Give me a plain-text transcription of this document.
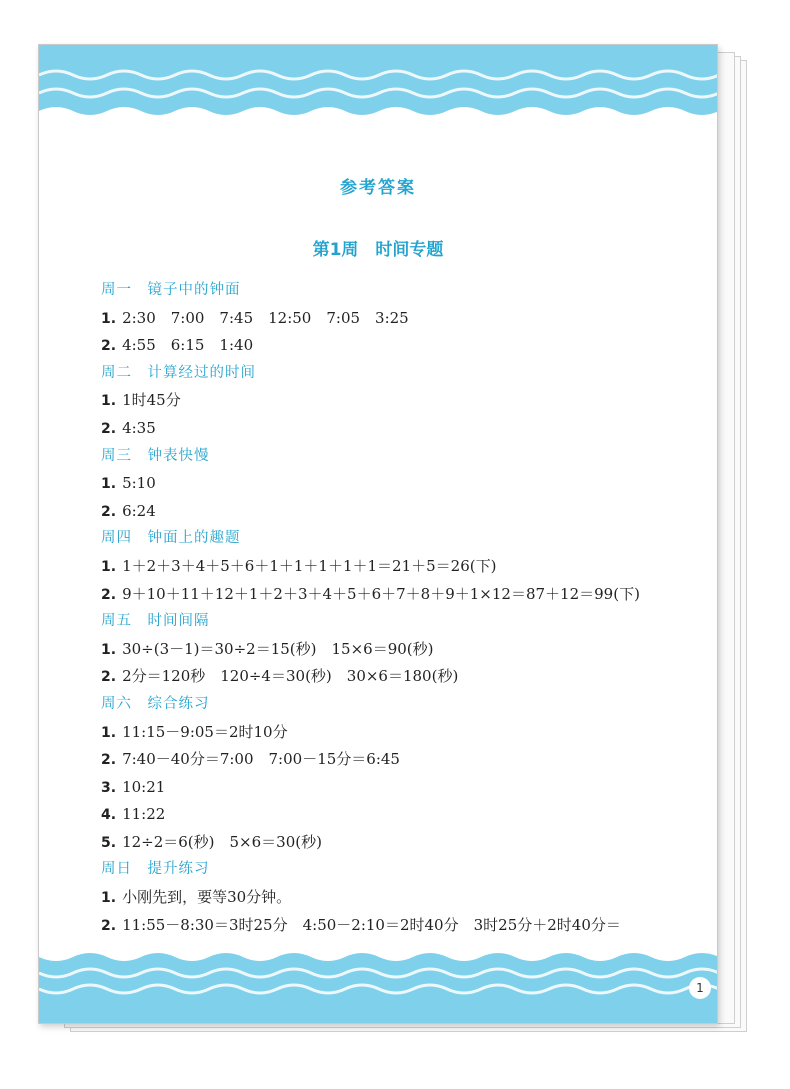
参考答案
第1周　时间专题
周一　镜子中的钟面
1. 2:30　7:00　7:45　12:50　7:05　3:25
2. 4:55　6:15　1:40
周二　计算经过的时间
1. 1时45分
2. 4:35
周三　钟表快慢
1. 5:10
2. 6:24
周四　钟面上的趣题
1. 1＋2＋3＋4＋5＋6＋1＋1＋1＋1＋1＝21＋5＝26(下)
2. 9＋10＋11＋12＋1＋2＋3＋4＋5＋6＋7＋8＋9＋1×12＝87＋12＝99(下)
周五　时间间隔
1. 30÷(3－1)＝30÷2＝15(秒)　15×6＝90(秒)
2. 2分＝120秒　120÷4＝30(秒)　30×6＝180(秒)
周六　综合练习
1. 11:15－9:05＝2时10分
2. 7:40－40分＝7:00　7:00－15分＝6:45
3. 10:21
4. 11:22
5. 12÷2＝6(秒)　5×6＝30(秒)
周日　提升练习
1. 小刚先到，要等30分钟。
2. 11:55－8:30＝3时25分　4:50－2:10＝2时40分　3时25分＋2时40分＝
1
